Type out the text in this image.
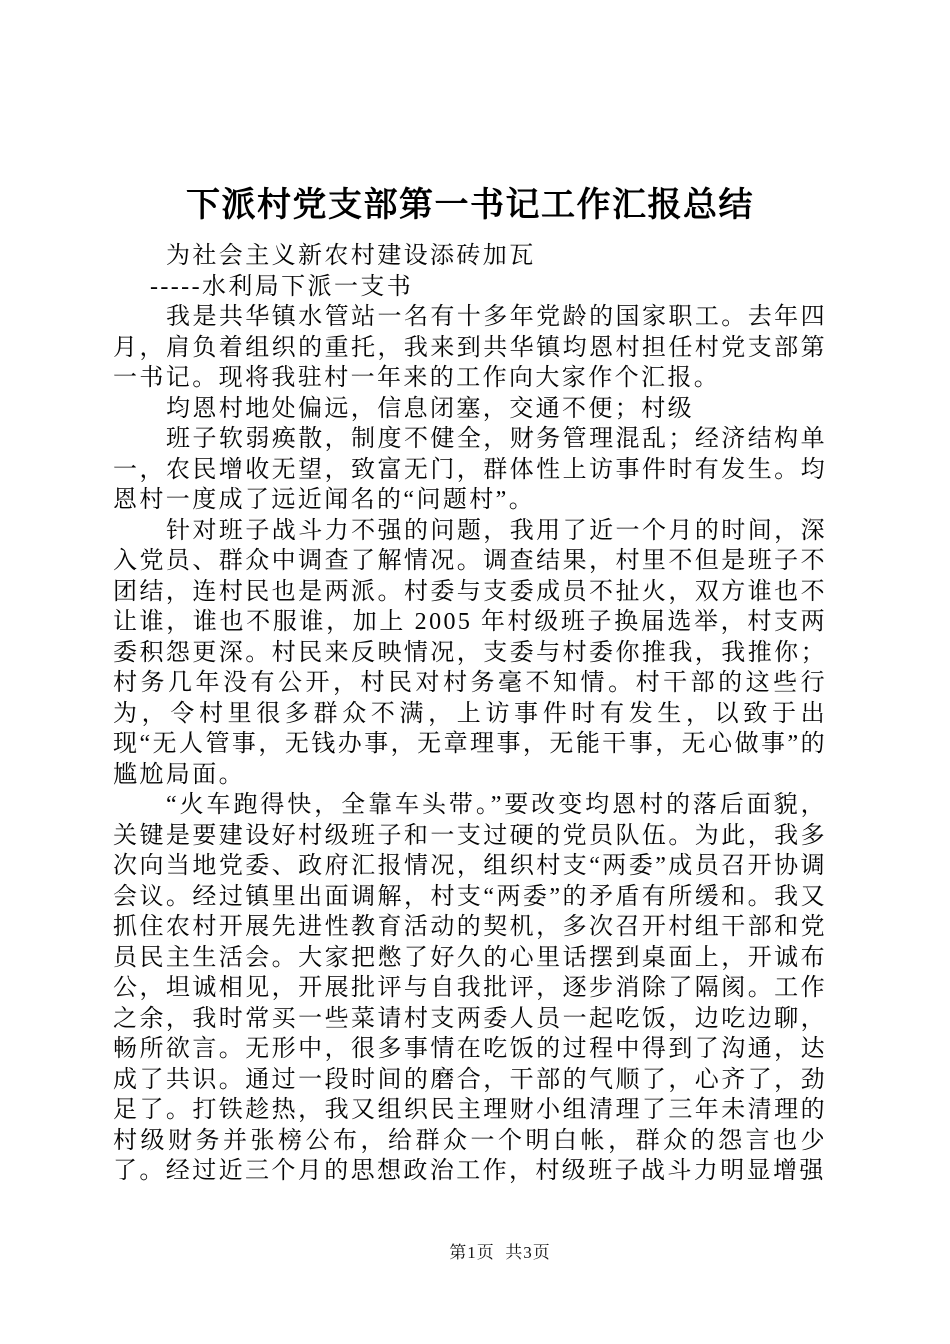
下派村党支部第一书记工作汇报总结

为社会主义新农村建设添砖加瓦

-----水利局下派一支书

我是共华镇水管站一名有十多年党龄的国家职工。去年四月，肩负着组织的重托，我来到共华镇均恩村担任村党支部第一书记。现将我驻村一年来的工作向大家作个汇报。

均恩村地处偏远，信息闭塞，交通不便；村级

班子软弱痪散，制度不健全，财务管理混乱；经济结构单一，农民增收无望，致富无门，群体性上访事件时有发生。均恩村一度成了远近闻名的“问题村”。

针对班子战斗力不强的问题，我用了近一个月的时间，深入党员、群众中调查了解情况。调查结果，村里不但是班子不团结，连村民也是两派。村委与支委成员不扯火，双方谁也不让谁，谁也不服谁，加上 2005 年村级班子换届选举，村支两委积怨更深。村民来反映情况，支委与村委你推我，我推你；村务几年没有公开，村民对村务毫不知情。村干部的这些行为，令村里很多群众不满，上访事件时有发生，以致于出现“无人管事，无钱办事，无章理事，无能干事，无心做事”的尴尬局面。

“火车跑得快，全靠车头带。”要改变均恩村的落后面貌，关键是要建设好村级班子和一支过硬的党员队伍。为此，我多次向当地党委、政府汇报情况，组织村支“两委”成员召开协调会议。经过镇里出面调解，村支“两委”的矛盾有所缓和。我又抓住农村开展先进性教育活动的契机，多次召开村组干部和党员民主生活会。大家把憋了好久的心里话摆到桌面上，开诚布公，坦诚相见，开展批评与自我批评，逐步消除了隔阂。工作之余，我时常买一些菜请村支两委人员一起吃饭，边吃边聊，畅所欲言。无形中，很多事情在吃饭的过程中得到了沟通，达成了共识。通过一段时间的磨合，干部的气顺了，心齐了，劲足了。打铁趁热，我又组织民主理财小组清理了三年未清理的村级财务并张榜公布，给群众一个明白帐，群众的怨言也少了。经过近三个月的思想政治工作，村级班子战斗力明显增强

第1页  共3页
